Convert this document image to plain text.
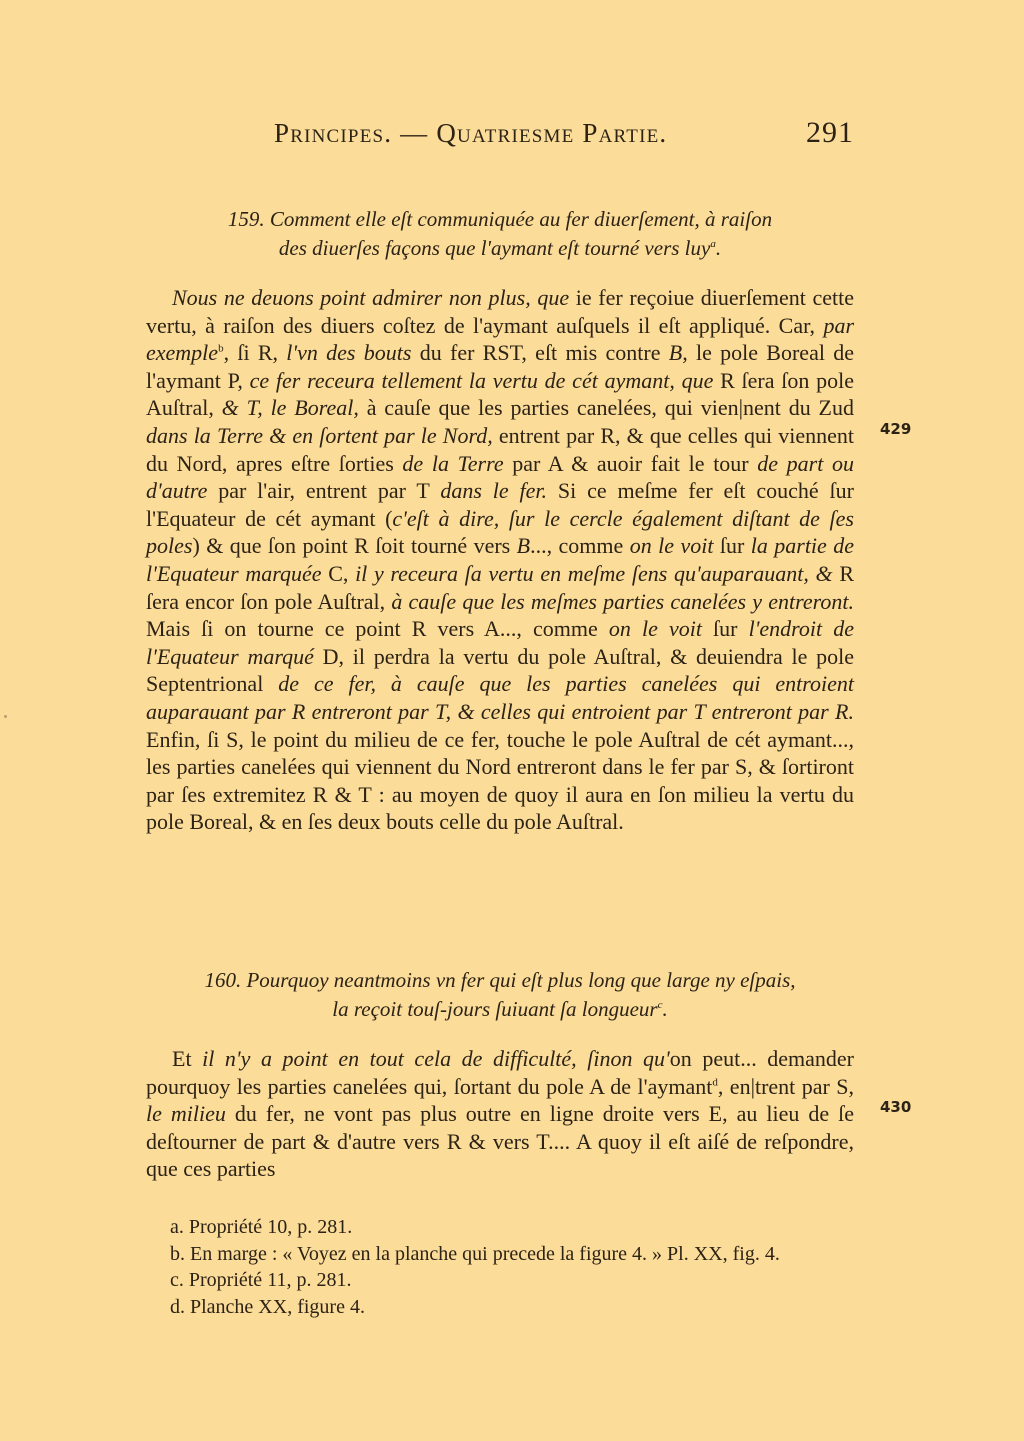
Principes. — Quatriesme Partie.	291
159. Comment elle eſt communiquée au fer diuerſement, à raiſon
des diuerſes façons que l'aymant eſt tourné vers luy$^a$.

Nous ne deuons point admirer non plus, que ie fer reçoiue diuerſement cette vertu, à raiſon des diuers coſtez de l'aymant auſquels il eſt appliqué. Car, par exemple$^b$, ſi R, l'vn des bouts du fer RST, eſt mis contre B, le pole Boreal de l'aymant P, ce fer receura tellement la vertu de cét aymant, que R ſera ſon pole Auſtral, & T, le Boreal, à cauſe que les parties canelées, qui vien|nent du Zud dans la Terre & en ſortent par le Nord, entrent par R, & que celles qui viennent du Nord, apres eſtre ſorties de la Terre par A & auoir fait le tour de part ou d'autre par l'air, entrent par T dans le fer. Si ce meſme fer eſt couché ſur l'Equateur de cét aymant (c'eſt à dire, ſur le cercle également diſtant de ſes poles) & que ſon point R ſoit tourné vers B..., comme on le voit ſur la partie de l'Equateur marquée C, il y receura ſa vertu en meſme ſens qu'auparauant, & R ſera encor ſon pole Auſtral, à cauſe que les meſmes parties canelées y entreront. Mais ſi on tourne ce point R vers A..., comme on le voit ſur l'endroit de l'Equateur marqué D, il perdra la vertu du pole Auſtral, & deuiendra le pole Septentrional de ce fer, à cauſe que les parties canelées qui entroient auparauant par R entreront par T, & celles qui entroient par T entreront par R. Enfin, ſi S, le point du milieu de ce fer, touche le pole Auſtral de cét aymant..., les parties canelées qui viennent du Nord entreront dans le fer par S, & ſortiront par ſes extremitez R & T : au moyen de quoy il aura en ſon milieu la vertu du pole Boreal, & en ſes deux bouts celle du pole Auſtral.

429
160. Pourquoy neantmoins vn fer qui eſt plus long que large ny eſpais,
la reçoit touſ-jours ſuiuant ſa longueur$^c$.

Et il n'y a point en tout cela de difficulté, ſinon qu'on peut... demander pourquoy les parties canelées qui, ſortant du pole A de l'aymant$^d$, en|trent par S, le milieu du fer, ne vont pas plus outre en ligne droite vers E, au lieu de ſe deſtourner de part & d'autre vers R & vers T.... A quoy il eſt aiſé de reſpondre, que ces parties

430

a. Propriété 10, p. 281.

b. En marge : « Voyez en la planche qui precede la figure 4. » Pl. XX, fig. 4.

c. Propriété 11, p. 281.

d. Planche XX, figure 4.
